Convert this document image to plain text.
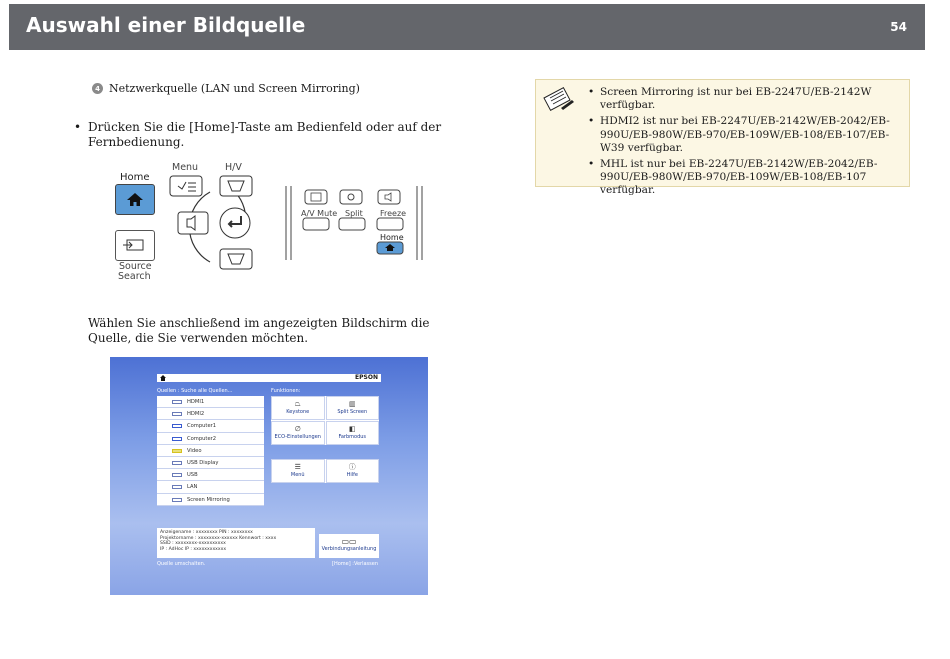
Auswahl einer Bildquelle	54
4 Netzwerkquelle (LAN und Screen Mirroring)
• Drücken Sie die [Home]-Taste am Bedienfeld oder auf der Fernbedienung.
Home
Source
Search
Menu	H/V
A/V Mute Split Freeze
Home
Wählen Sie anschließend im angezeigten Bildschirm die Quelle, die Sie verwenden möchten.
• Screen Mirroring ist nur bei EB-2247U/EB-2142W verfügbar.
• HDMI2 ist nur bei EB-2247U/EB-2142W/EB-2042/EB-990U/EB-980W/EB-970/EB-109W/EB-108/EB-107/EB-W39 verfügbar.
• MHL ist nur bei EB-2247U/EB-2142W/EB-2042/EB-990U/EB-980W/EB-970/EB-109W/EB-108/EB-107 verfügbar.
EPSON
Quellen : Suche alle Quellen...	Funktionen:
HDMI1
HDMI2
Computer1
Computer2
Video
USB Display
USB
LAN
Screen Mirroring
⏢
Keystone
▥
Split Screen
∅
ECO-Einstellungen
◧
Farbmodus
☰
Menü
ⓘ
Hilfe
Anzeigename : xxxxxxxx PIN : xxxxxxxx
Projektorname : xxxxxxxx-xxxxxx Kennwort : xxxx
SSID : xxxxxxxx-xxxxxxxxxx
IP : AdHoc IP : xxxxxxxxxxxx
▭▭
Verbindungsanleitung
Quelle umschalten.	[Home] :Verlassen
